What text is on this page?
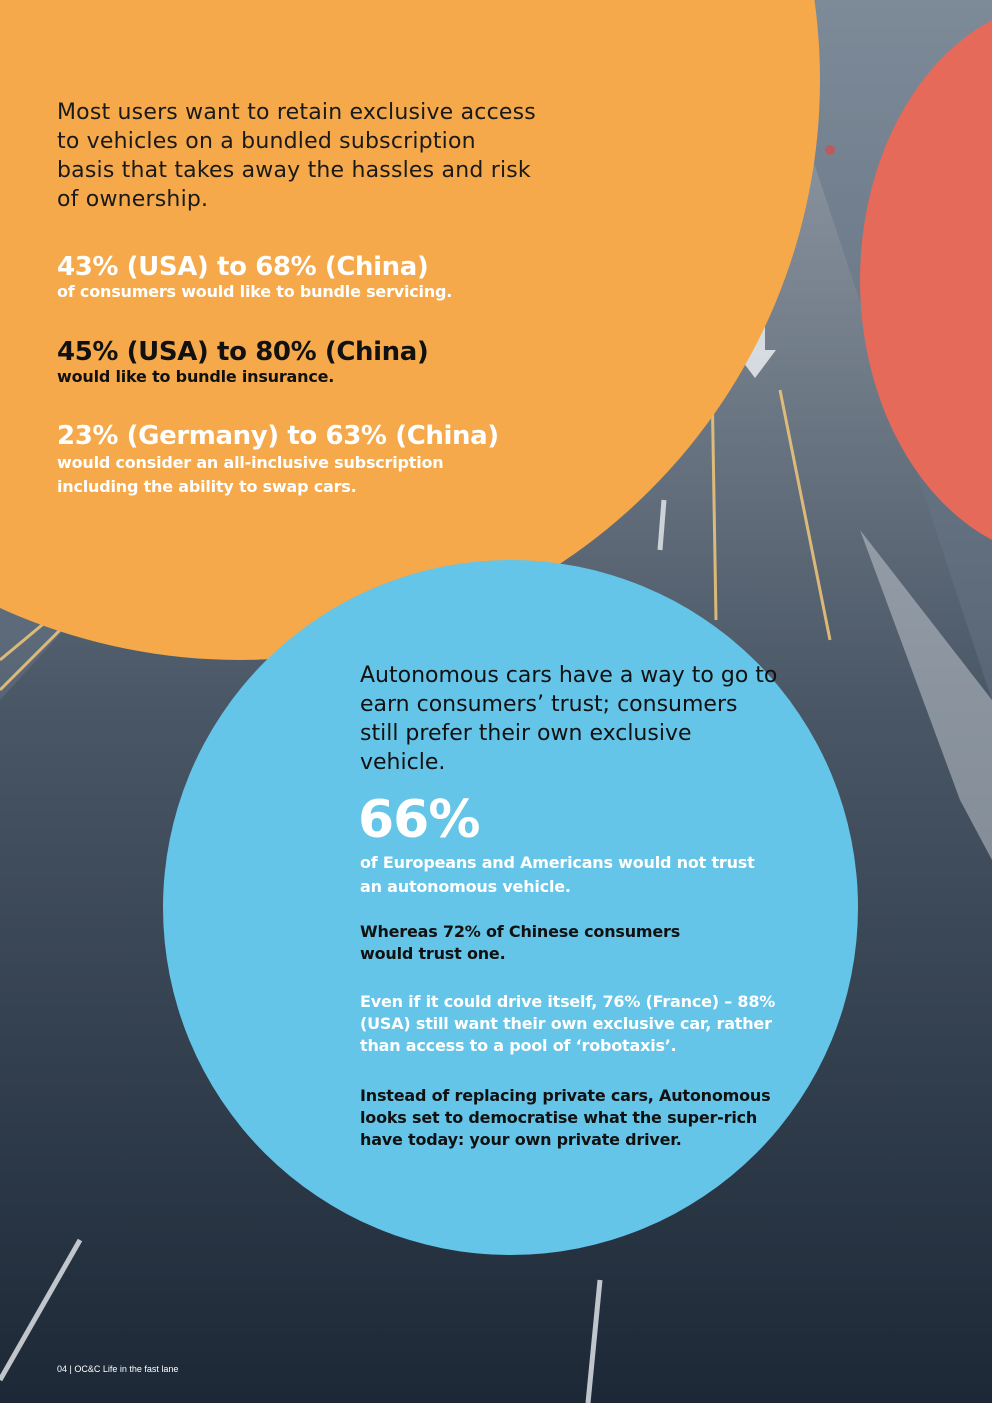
Most users want to retain exclusive access to vehicles on a bundled subscription basis that takes away the hassles and risk of ownership.
43% (USA) to 68% (China)
of consumers would like to bundle servicing.
45% (USA) to 80% (China)
would like to bundle insurance.
23% (Germany) to 63% (China)
would consider an all-inclusive subscription including the ability to swap cars.
Autonomous cars have a way to go to earn consumers’ trust; consumers still prefer their own exclusive vehicle.
66%
of Europeans and Americans would not trust an autonomous vehicle.
Whereas 72% of Chinese consumers would trust one.
Even if it could drive itself, 76% (France) – 88% (USA) still want their own exclusive car, rather than access to a pool of ‘robotaxis’.
Instead of replacing private cars, Autonomous looks set to democratise what the super-rich have today: your own private driver.
04 | OC&C Life in the fast lane
